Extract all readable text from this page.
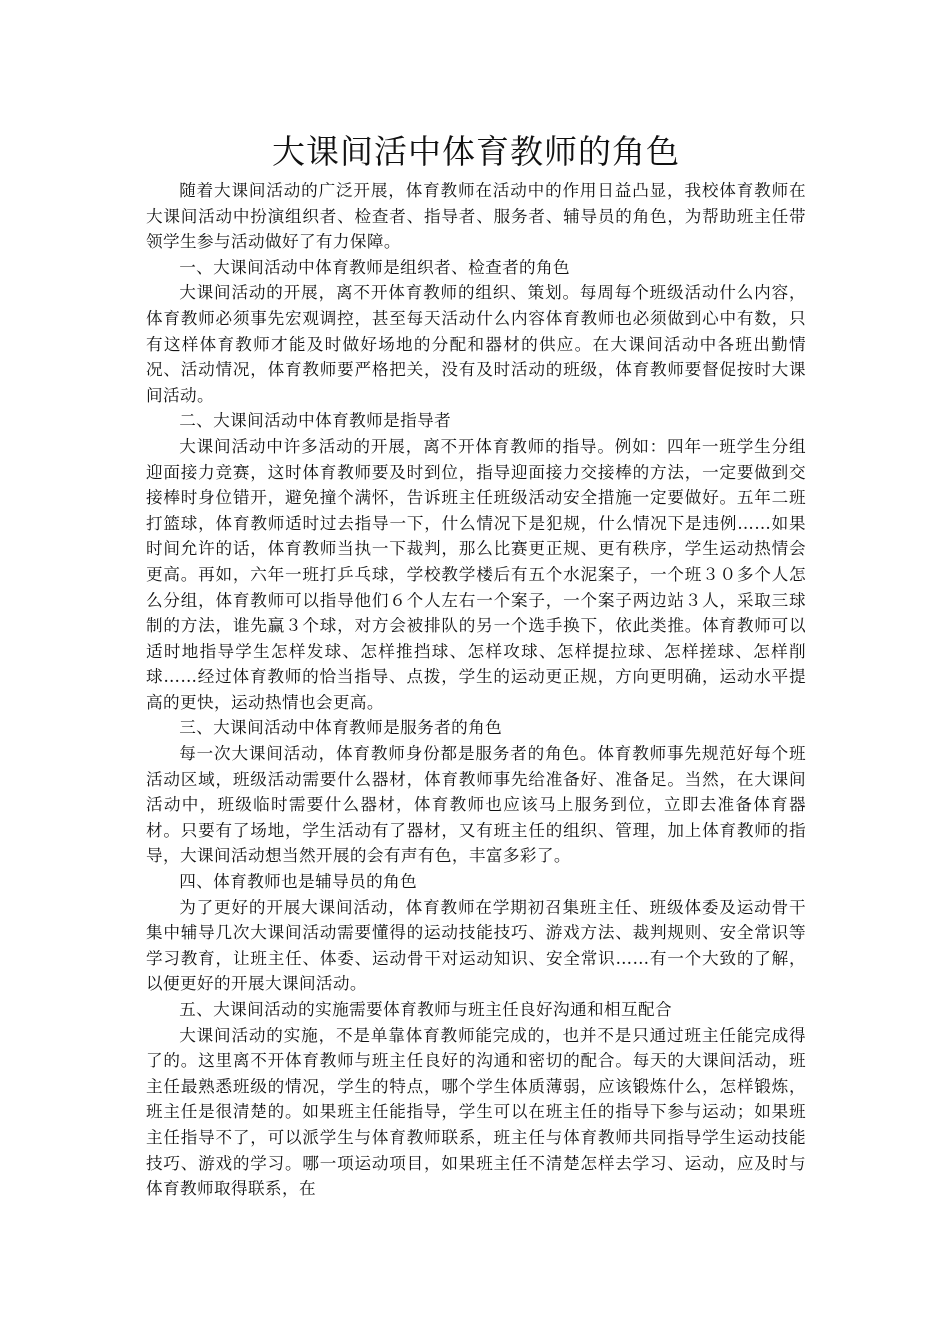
大课间活中体育教师的角色

随着大课间活动的广泛开展，体育教师在活动中的作用日益凸显，我校体育教师在大课间活动中扮演组织者、检查者、指导者、服务者、辅导员的角色，为帮助班主任带领学生参与活动做好了有力保障。

一、大课间活动中体育教师是组织者、检查者的角色

大课间活动的开展，离不开体育教师的组织、策划。每周每个班级活动什么内容，体育教师必须事先宏观调控，甚至每天活动什么内容体育教师也必须做到心中有数，只有这样体育教师才能及时做好场地的分配和器材的供应。在大课间活动中各班出勤情况、活动情况，体育教师要严格把关，没有及时活动的班级，体育教师要督促按时大课间活动。

二、大课间活动中体育教师是指导者

大课间活动中许多活动的开展，离不开体育教师的指导。例如：四年一班学生分组迎面接力竞赛，这时体育教师要及时到位，指导迎面接力交接棒的方法，一定要做到交接棒时身位错开，避免撞个满怀，告诉班主任班级活动安全措施一定要做好。五年二班打篮球，体育教师适时过去指导一下，什么情况下是犯规，什么情况下是违例……如果时间允许的话，体育教师当执一下裁判，那么比赛更正规、更有秩序，学生运动热情会更高。再如，六年一班打乒乓球，学校教学楼后有五个水泥案子，一个班３０多个人怎么分组，体育教师可以指导他们６个人左右一个案子，一个案子两边站３人，采取三球制的方法，谁先赢３个球，对方会被排队的另一个选手换下，依此类推。体育教师可以适时地指导学生怎样发球、怎样推挡球、怎样攻球、怎样提拉球、怎样搓球、怎样削球……经过体育教师的恰当指导、点拨，学生的运动更正规，方向更明确，运动水平提高的更快，运动热情也会更高。

三、大课间活动中体育教师是服务者的角色

每一次大课间活动，体育教师身份都是服务者的角色。体育教师事先规范好每个班活动区域，班级活动需要什么器材，体育教师事先给准备好、准备足。当然，在大课间活动中，班级临时需要什么器材，体育教师也应该马上服务到位，立即去准备体育器材。只要有了场地，学生活动有了器材，又有班主任的组织、管理，加上体育教师的指导，大课间活动想当然开展的会有声有色，丰富多彩了。

四、体育教师也是辅导员的角色

为了更好的开展大课间活动，体育教师在学期初召集班主任、班级体委及运动骨干集中辅导几次大课间活动需要懂得的运动技能技巧、游戏方法、裁判规则、安全常识等学习教育，让班主任、体委、运动骨干对运动知识、安全常识……有一个大致的了解，以便更好的开展大课间活动。

五、大课间活动的实施需要体育教师与班主任良好沟通和相互配合

大课间活动的实施，不是单靠体育教师能完成的，也并不是只通过班主任能完成得了的。这里离不开体育教师与班主任良好的沟通和密切的配合。每天的大课间活动，班主任最熟悉班级的情况，学生的特点，哪个学生体质薄弱，应该锻炼什么，怎样锻炼，班主任是很清楚的。如果班主任能指导，学生可以在班主任的指导下参与运动；如果班主任指导不了，可以派学生与体育教师联系，班主任与体育教师共同指导学生运动技能技巧、游戏的学习。哪一项运动项目，如果班主任不清楚怎样去学习、运动，应及时与体育教师取得联系，在
